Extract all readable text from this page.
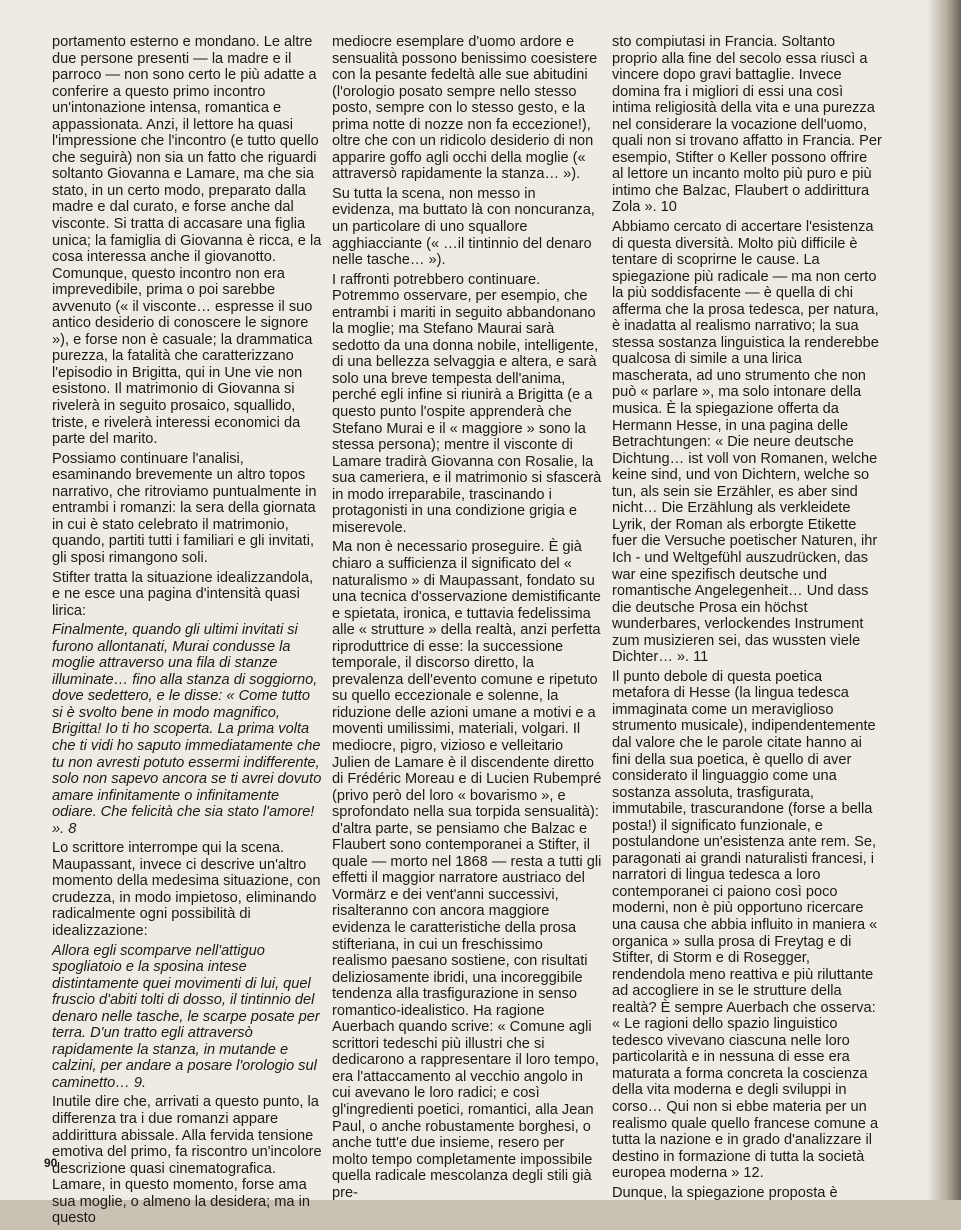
portamento esterno e mondano. Le altre due persone presenti — la madre e il parroco — non sono certo le più adatte a conferire a questo primo incontro un'intonazione intensa, romantica e appassionata. Anzi, il lettore ha quasi l'impressione che l'incontro (e tutto quello che seguirà) non sia un fatto che riguardi soltanto Giovanna e Lamare, ma che sia stato, in un certo modo, preparato dalla madre e dal curato, e forse anche dal visconte. Si tratta di accasare una figlia unica; la famiglia di Giovanna è ricca, e la cosa interessa anche il giovanotto. Comunque, questo incontro non era imprevedibile, prima o poi sarebbe avvenuto (« il visconte… espresse il suo antico desiderio di conoscere le signore »), e forse non è casuale; la drammatica purezza, la fatalità che caratterizzano l'episodio in Brigitta, qui in Une vie non esistono. Il matrimonio di Giovanna si rivelerà in seguito prosaico, squallido, triste, e rivelerà interessi economici da parte del marito.

Possiamo continuare l'analisi, esaminando brevemente un altro topos narrativo, che ritroviamo puntualmente in entrambi i romanzi: la sera della giornata in cui è stato celebrato il matrimonio, quando, partiti tutti i familiari e gli invitati, gli sposi rimangono soli.

Stifter tratta la situazione idealizzandola, e ne esce una pagina d'intensità quasi lirica:

Finalmente, quando gli ultimi invitati si furono allontanati, Murai condusse la moglie attraverso una fila di stanze illuminate… fino alla stanza di soggiorno, dove sedettero, e le disse: « Come tutto si è svolto bene in modo magnifico, Brigitta! Io ti ho scoperta. La prima volta che ti vidi ho saputo immediatamente che tu non avresti potuto essermi indifferente, solo non sapevo ancora se ti avrei dovuto amare infinitamente o infinitamente odiare. Che felicità che sia stato l'amore! ». 8

Lo scrittore interrompe qui la scena. Maupassant, invece ci descrive un'altro momento della medesima situazione, con crudezza, in modo impietoso, eliminando radicalmente ogni possibilità di idealizzazione:

Allora egli scomparve nell'attiguo spogliatoio e la sposina intese distintamente quei movimenti di lui, quel fruscio d'abiti tolti di dosso, il tintinnio del denaro nelle tasche, le scarpe posate per terra. D'un tratto egli attraversò rapidamente la stanza, in mutande e calzini, per andare a posare l'orologio sul caminetto… 9.

Inutile dire che, arrivati a questo punto, la differenza tra i due romanzi appare addirittura abissale. Alla fervida tensione emotiva del primo, fa riscontro un'incolore descrizione quasi cinematografica. Lamare, in questo momento, forse ama sua moglie, o almeno la desidera; ma in questo

mediocre esemplare d'uomo ardore e sensualità possono benissimo coesistere con la pesante fedeltà alle sue abitudini (l'orologio posato sempre nello stesso posto, sempre con lo stesso gesto, e la prima notte di nozze non fa eccezione!), oltre che con un ridicolo desiderio di non apparire goffo agli occhi della moglie (« attraversò rapidamente la stanza… »).

Su tutta la scena, non messo in evidenza, ma buttato là con noncuranza, un particolare di uno squallore agghiacciante (« …il tintinnio del denaro nelle tasche… »).

I raffronti potrebbero continuare. Potremmo osservare, per esempio, che entrambi i mariti in seguito abbandonano la moglie; ma Stefano Maurai sarà sedotto da una donna nobile, intelligente, di una bellezza selvaggia e altera, e sarà solo una breve tempesta dell'anima, perché egli infine si riunirà a Brigitta (e a questo punto l'ospite apprenderà che Stefano Murai e il « maggiore » sono la stessa persona); mentre il visconte di Lamare tradirà Giovanna con Rosalie, la sua cameriera, e il matrimonio si sfascerà in modo irreparabile, trascinando i protagonisti in una condizione grigia e miserevole.

Ma non è necessario proseguire. È già chiaro a sufficienza il significato del « naturalismo » di Maupassant, fondato su una tecnica d'osservazione demistificante e spietata, ironica, e tuttavia fedelissima alle « strutture » della realtà, anzi perfetta riproduttrice di esse: la successione temporale, il discorso diretto, la prevalenza dell'evento comune e ripetuto su quello eccezionale e solenne, la riduzione delle azioni umane a motivi e a moventi umilissimi, materiali, volgari. Il mediocre, pigro, vizioso e velleitario Julien de Lamare è il discendente diretto di Frédéric Moreau e di Lucien Rubempré (privo però del loro « bovarismo », e sprofondato nella sua torpida sensualità): d'altra parte, se pensiamo che Balzac e Flaubert sono contemporanei a Stifter, il quale — morto nel 1868 — resta a tutti gli effetti il maggior narratore austriaco del Vormärz e dei vent'anni successivi, risalteranno con ancora maggiore evidenza le caratteristiche della prosa stifteriana, in cui un freschissimo realismo paesano sostiene, con risultati deliziosamente ibridi, una incoreggibile tendenza alla trasfigurazione in senso romantico-idealistico. Ha ragione Auerbach quando scrive: « Comune agli scrittori tedeschi più illustri che si dedicarono a rappresentare il loro tempo, era l'attaccamento al vecchio angolo in cui avevano le loro radici; e così gl'ingredienti poetici, romantici, alla Jean Paul, o anche robustamente borghesi, o anche tutt'e due insieme, resero per molto tempo completamente impossibile quella radicale mescolanza degli stili già pre-

sto compiutasi in Francia. Soltanto proprio alla fine del secolo essa riuscì a vincere dopo gravi battaglie. Invece domina fra i migliori di essi una così intima religiosità della vita e una purezza nel considerare la vocazione dell'uomo, quali non si trovano affatto in Francia. Per esempio, Stifter o Keller possono offrire al lettore un incanto molto più puro e più intimo che Balzac, Flaubert o addirittura Zola ». 10

Abbiamo cercato di accertare l'esistenza di questa diversità. Molto più difficile è tentare di scoprirne le cause. La spiegazione più radicale — ma non certo la più soddisfacente — è quella di chi afferma che la prosa tedesca, per natura, è inadatta al realismo narrativo; la sua stessa sostanza linguistica la renderebbe qualcosa di simile a una lirica mascherata, ad uno strumento che non può « parlare », ma solo intonare della musica. È la spiegazione offerta da Hermann Hesse, in una pagina delle Betrachtungen: « Die neure deutsche Dichtung… ist voll von Romanen, welche keine sind, und von Dichtern, welche so tun, als sein sie Erzähler, es aber sind nicht… Die Erzählung als verkleidete Lyrik, der Roman als erborgte Etikette fuer die Versuche poetischer Naturen, ihr Ich - und Weltgefühl auszudrücken, das war eine spezifisch deutsche und romantische Angelegenheit… Und dass die deutsche Prosa ein höchst wunderbares, verlockendes Instrument zum musizieren sei, das wussten viele Dichter… ». 11

Il punto debole di questa poetica metafora di Hesse (la lingua tedesca immaginata come un meraviglioso strumento musicale), indipendentemente dal valore che le parole citate hanno ai fini della sua poetica, è quello di aver considerato il linguaggio come una sostanza assoluta, trasfigurata, immutabile, trascurandone (forse a bella posta!) il significato funzionale, e postulandone un'esistenza ante rem. Se, paragonati ai grandi naturalisti francesi, i narratori di lingua tedesca a loro contemporanei ci paiono così poco moderni, non è più opportuno ricercare una causa che abbia influito in maniera « organica » sulla prosa di Freytag e di Stifter, di Storm e di Rosegger, rendendola meno reattiva e più riluttante ad accogliere in se le strutture della realtà? È sempre Auerbach che osserva: « Le ragioni dello spazio linguistico tedesco vivevano ciascuna nelle loro particolarità e in nessuna di esse era maturata a forma concreta la coscienza della vita moderna e degli sviluppi in corso… Qui non si ebbe materia per un realismo quale quello francese comune a tutta la nazione e in grado d'analizzare il destino in formazione di tutta la società europea moderna » 12.

Dunque, la spiegazione proposta è

90
